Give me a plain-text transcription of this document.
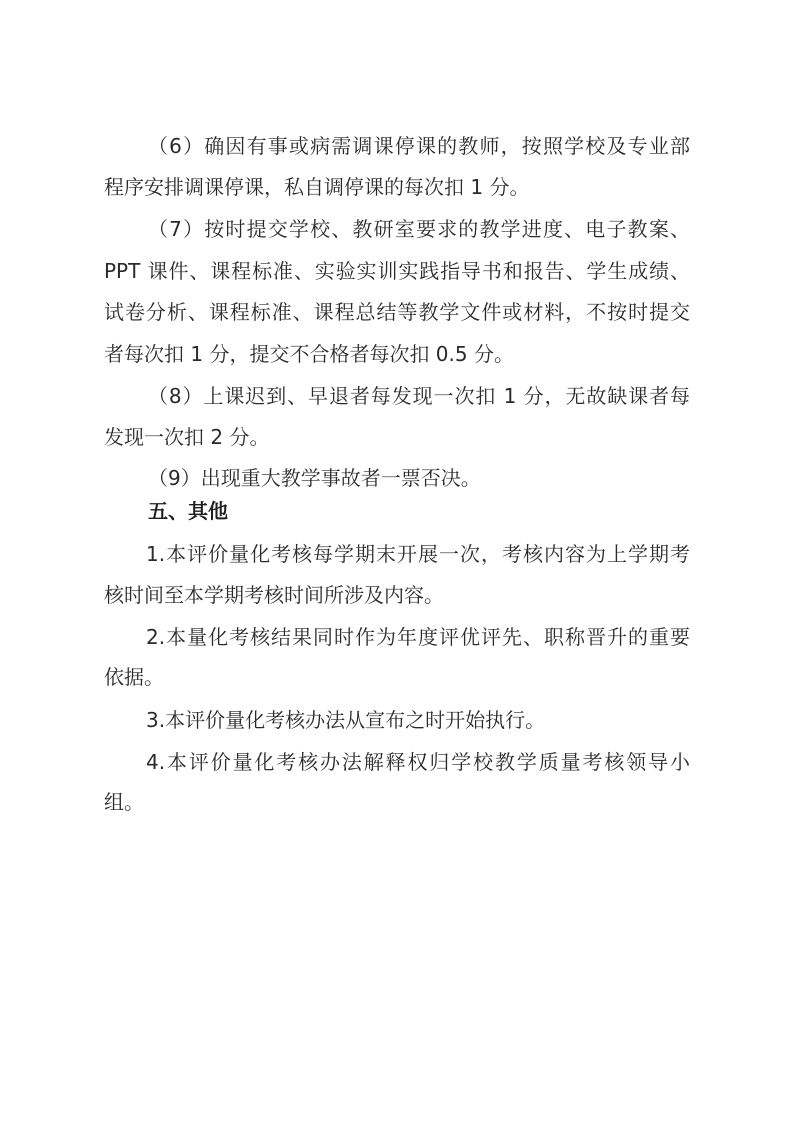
（6）确因有事或病需调课停课的教师，按照学校及专业部
程序安排调课停课，私自调停课的每次扣 1 分。
（7）按时提交学校、教研室要求的教学进度、电子教案、
PPT 课件、课程标准、实验实训实践指导书和报告、学生成绩、
试卷分析、课程标准、课程总结等教学文件或材料，不按时提交
者每次扣 1 分，提交不合格者每次扣 0.5 分。
（8）上课迟到、早退者每发现一次扣 1 分，无故缺课者每
发现一次扣 2 分。
（9）出现重大教学事故者一票否决。
五、其他
1.本评价量化考核每学期末开展一次，考核内容为上学期考
核时间至本学期考核时间所涉及内容。
2.本量化考核结果同时作为年度评优评先、职称晋升的重要
依据。
3.本评价量化考核办法从宣布之时开始执行。
4.本评价量化考核办法解释权归学校教学质量考核领导小
组。
